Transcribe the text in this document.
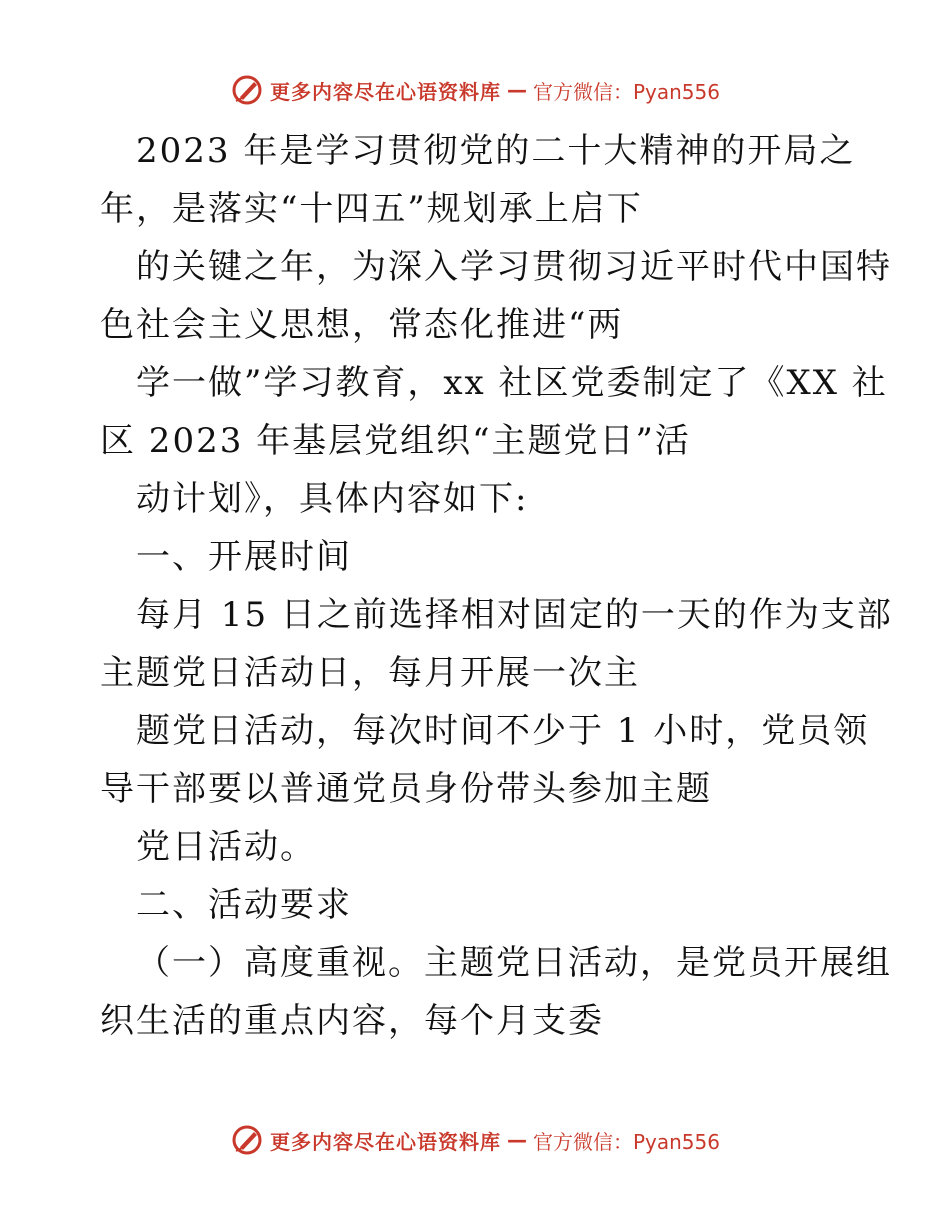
更多内容尽在心语资料库 — 官方微信：Pyan556
2023 年是学习贯彻党的二十大精神的开局之
年，是落实“十四五”规划承上启下
的关键之年，为深入学习贯彻习近平时代中国特
色社会主义思想，常态化推进“两
学一做”学习教育，xx 社区党委制定了《XX 社
区 2023 年基层党组织“主题党日”活
动计划》，具体内容如下:
一、开展时间
每月 15 日之前选择相对固定的一天的作为支部
主题党日活动日，每月开展一次主
题党日活动，每次时间不少于 1 小时，党员领
导干部要以普通党员身份带头参加主题
党日活动。
二、活动要求
（一）高度重视。主题党日活动，是党员开展组
织生活的重点内容，每个月支委
更多内容尽在心语资料库 — 官方微信：Pyan556
